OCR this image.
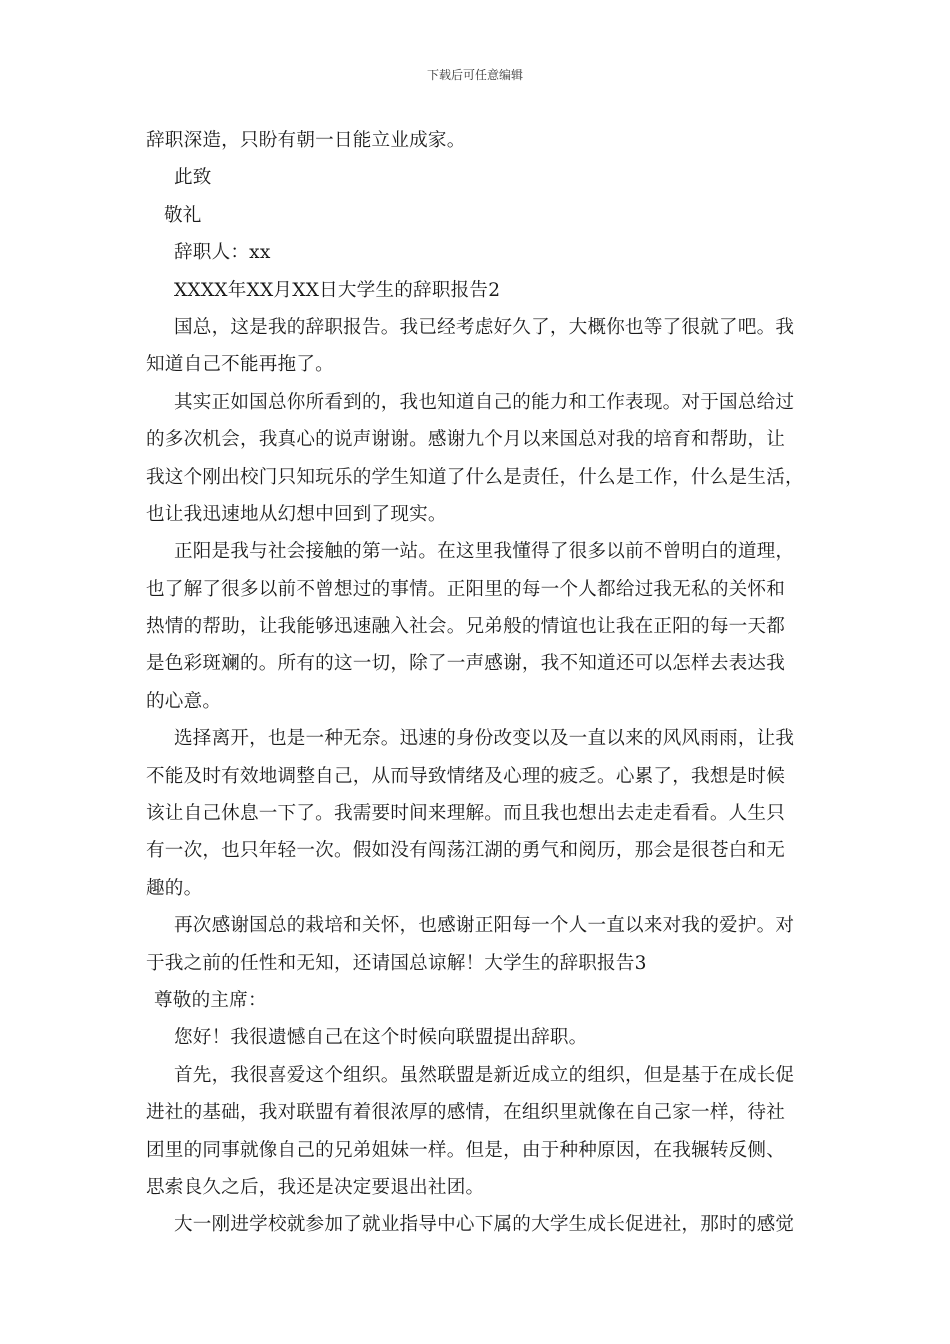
下载后可任意编辑
辞职深造，只盼有朝一日能立业成家。
此致
敬礼
辞职人：xx
XXXX年XX月XX日大学生的辞职报告2
国总，这是我的辞职报告。我已经考虑好久了，大概你也等了很就了吧。我
知道自己不能再拖了。
其实正如国总你所看到的，我也知道自己的能力和工作表现。对于国总给过
的多次机会，我真心的说声谢谢。感谢九个月以来国总对我的培育和帮助，让
我这个刚出校门只知玩乐的学生知道了什么是责任，什么是工作，什么是生活，
也让我迅速地从幻想中回到了现实。
正阳是我与社会接触的第一站。在这里我懂得了很多以前不曾明白的道理，
也了解了很多以前不曾想过的事情。正阳里的每一个人都给过我无私的关怀和
热情的帮助，让我能够迅速融入社会。兄弟般的情谊也让我在正阳的每一天都
是色彩斑斓的。所有的这一切，除了一声感谢，我不知道还可以怎样去表达我
的心意。
选择离开，也是一种无奈。迅速的身份改变以及一直以来的风风雨雨，让我
不能及时有效地调整自己，从而导致情绪及心理的疲乏。心累了，我想是时候
该让自己休息一下了。我需要时间来理解。而且我也想出去走走看看。人生只
有一次，也只年轻一次。假如没有闯荡江湖的勇气和阅历，那会是很苍白和无
趣的。
再次感谢国总的栽培和关怀，也感谢正阳每一个人一直以来对我的爱护。对
于我之前的任性和无知，还请国总谅解！大学生的辞职报告3
尊敬的主席：
您好！我很遗憾自己在这个时候向联盟提出辞职。
首先，我很喜爱这个组织。虽然联盟是新近成立的组织，但是基于在成长促
进社的基础，我对联盟有着很浓厚的感情，在组织里就像在自己家一样，待社
团里的同事就像自己的兄弟姐妹一样。但是，由于种种原因，在我辗转反侧、
思索良久之后，我还是决定要退出社团。
大一刚进学校就参加了就业指导中心下属的大学生成长促进社，那时的感觉
